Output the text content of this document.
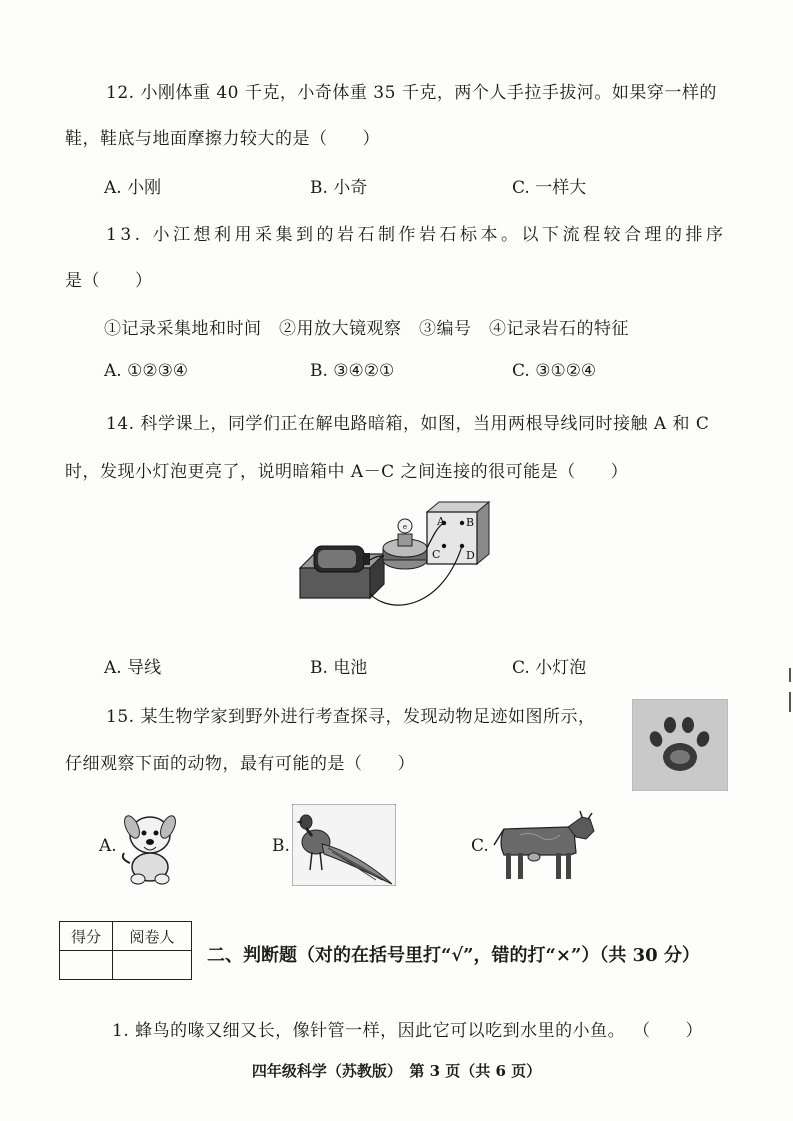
12. 小刚体重 40 千克，小奇体重 35 千克，两个人手拉手拔河。如果穿一样的
鞋，鞋底与地面摩擦力较大的是（　　）
A. 小刚	B. 小奇	C. 一样大
13. 小江想利用采集到的岩石制作岩石标本。以下流程较合理的排序
是（　　）
①记录采集地和时间　②用放大镜观察　③编号　④记录岩石的特征
A. ①②③④	B. ③④②①	C. ③①②④
14. 科学课上，同学们正在解电路暗箱，如图，当用两根导线同时接触 A 和 C
时，发现小灯泡更亮了，说明暗箱中 A－C 之间连接的很可能是（　　）
e	A B
C D
A. 导线	B. 电池	C. 小灯泡
15. 某生物学家到野外进行考查探寻，发现动物足迹如图所示，
仔细观察下面的动物，最有可能的是（　　）
A.	B.	C.
得分	阅卷人

二、判断题（对的在括号里打“√”，错的打“×”）（共 30 分）
1. 蜂鸟的喙又细又长，像针管一样，因此它可以吃到水里的小鱼。 （　　）
四年级科学（苏教版）　第 3 页（共 6 页）
